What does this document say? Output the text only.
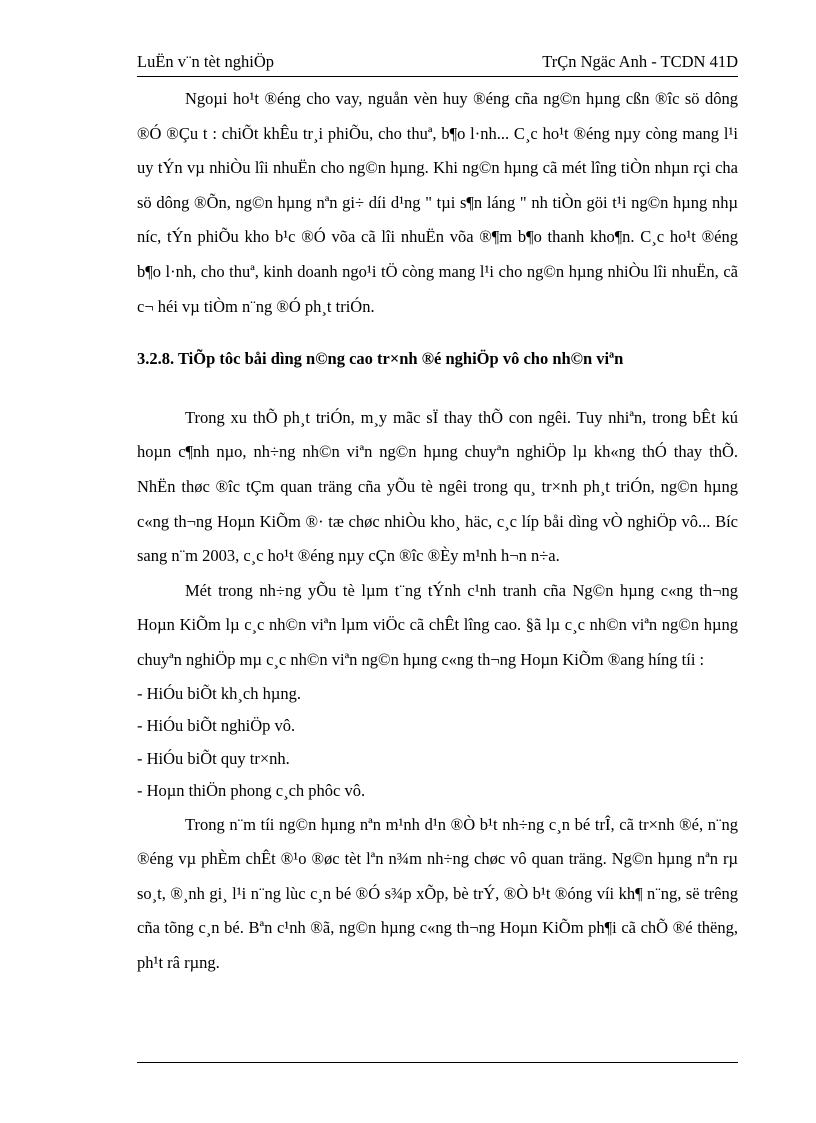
LuËn v¨n tèt nghiÖp	TrÇn Ngäc Anh - TCDN 41D

Ngoµi ho¹t ®éng cho vay, nguån vèn huy ®éng cña ng©n hµng cßn ®îc sö dông ®Ó ®Çu t : chiÕt khÊu tr¸i phiÕu, cho thuª, b¶o l·nh... C¸c ho¹t ®éng nµy còng mang l¹i uy tÝn vµ nhiÒu lîi nhuËn cho ng©n hµng. Khi ng©n hµng cã mét lîng tiÒn nhµn rçi cha sö dông ®Õn, ng©n hµng nªn gi÷ díi d¹ng " tµi s¶n láng " nh tiÒn göi t¹i ng©n hµng nhµ níc, tÝn phiÕu kho b¹c ®Ó võa cã lîi nhuËn võa ®¶m b¶o thanh kho¶n. C¸c ho¹t ®éng b¶o l·nh, cho thuª, kinh doanh ngo¹i tÖ còng mang l¹i cho ng©n hµng nhiÒu lîi nhuËn, cã c¬ héi vµ tiÒm n¨ng ®Ó ph¸t triÓn.

3.2.8. TiÕp tôc båi dìng n©ng cao tr×nh ®é nghiÖp vô cho nh©n viªn

Trong xu thÕ ph¸t triÓn, m¸y mãc sÏ thay thÕ con ngêi. Tuy nhiªn, trong bÊt kú hoµn c¶nh nµo, nh÷ng nh©n viªn ng©n hµng chuyªn nghiÖp lµ kh«ng thÓ thay thÕ. NhËn thøc ®îc tÇm quan träng cña yÕu tè ngêi trong qu¸ tr×nh ph¸t triÓn, ng©n hµng c«ng th¬ng Hoµn KiÕm ®· tæ chøc nhiÒu kho¸ häc, c¸c líp båi dìng vÒ nghiÖp vô... Bíc sang n¨m 2003, c¸c ho¹t ®éng nµy cÇn ®îc ®Èy m¹nh h¬n n÷a.

Mét trong nh÷ng yÕu tè lµm t¨ng tÝnh c¹nh tranh cña Ng©n hµng c«ng th¬ng Hoµn KiÕm lµ c¸c nh©n viªn lµm viÖc cã chÊt lîng cao. §ã lµ c¸c nh©n viªn ng©n hµng chuyªn nghiÖp mµ c¸c nh©n viªn ng©n hµng c«ng th¬ng Hoµn KiÕm ®ang híng tíi :

- HiÓu biÕt kh¸ch hµng.

- HiÓu biÕt nghiÖp vô.

- HiÓu biÕt quy tr×nh.

- Hoµn thiÖn phong c¸ch phôc vô.

Trong n¨m tíi ng©n hµng nªn m¹nh d¹n ®Ò b¹t nh÷ng c¸n bé trÎ, cã tr×nh ®é, n¨ng ®éng vµ phÈm chÊt ®¹o ®øc tèt lªn n¾m nh÷ng chøc vô quan träng. Ng©n hµng nªn rµ so¸t, ®¸nh gi¸ l¹i n¨ng lùc c¸n bé ®Ó s¾p xÕp, bè trÝ, ®Ò b¹t ®óng víi kh¶ n¨ng, së trêng cña tõng c¸n bé. Bªn c¹nh ®ã, ng©n hµng c«ng th¬ng Hoµn KiÕm ph¶i cã chÕ ®é thëng, ph¹t râ rµng.
